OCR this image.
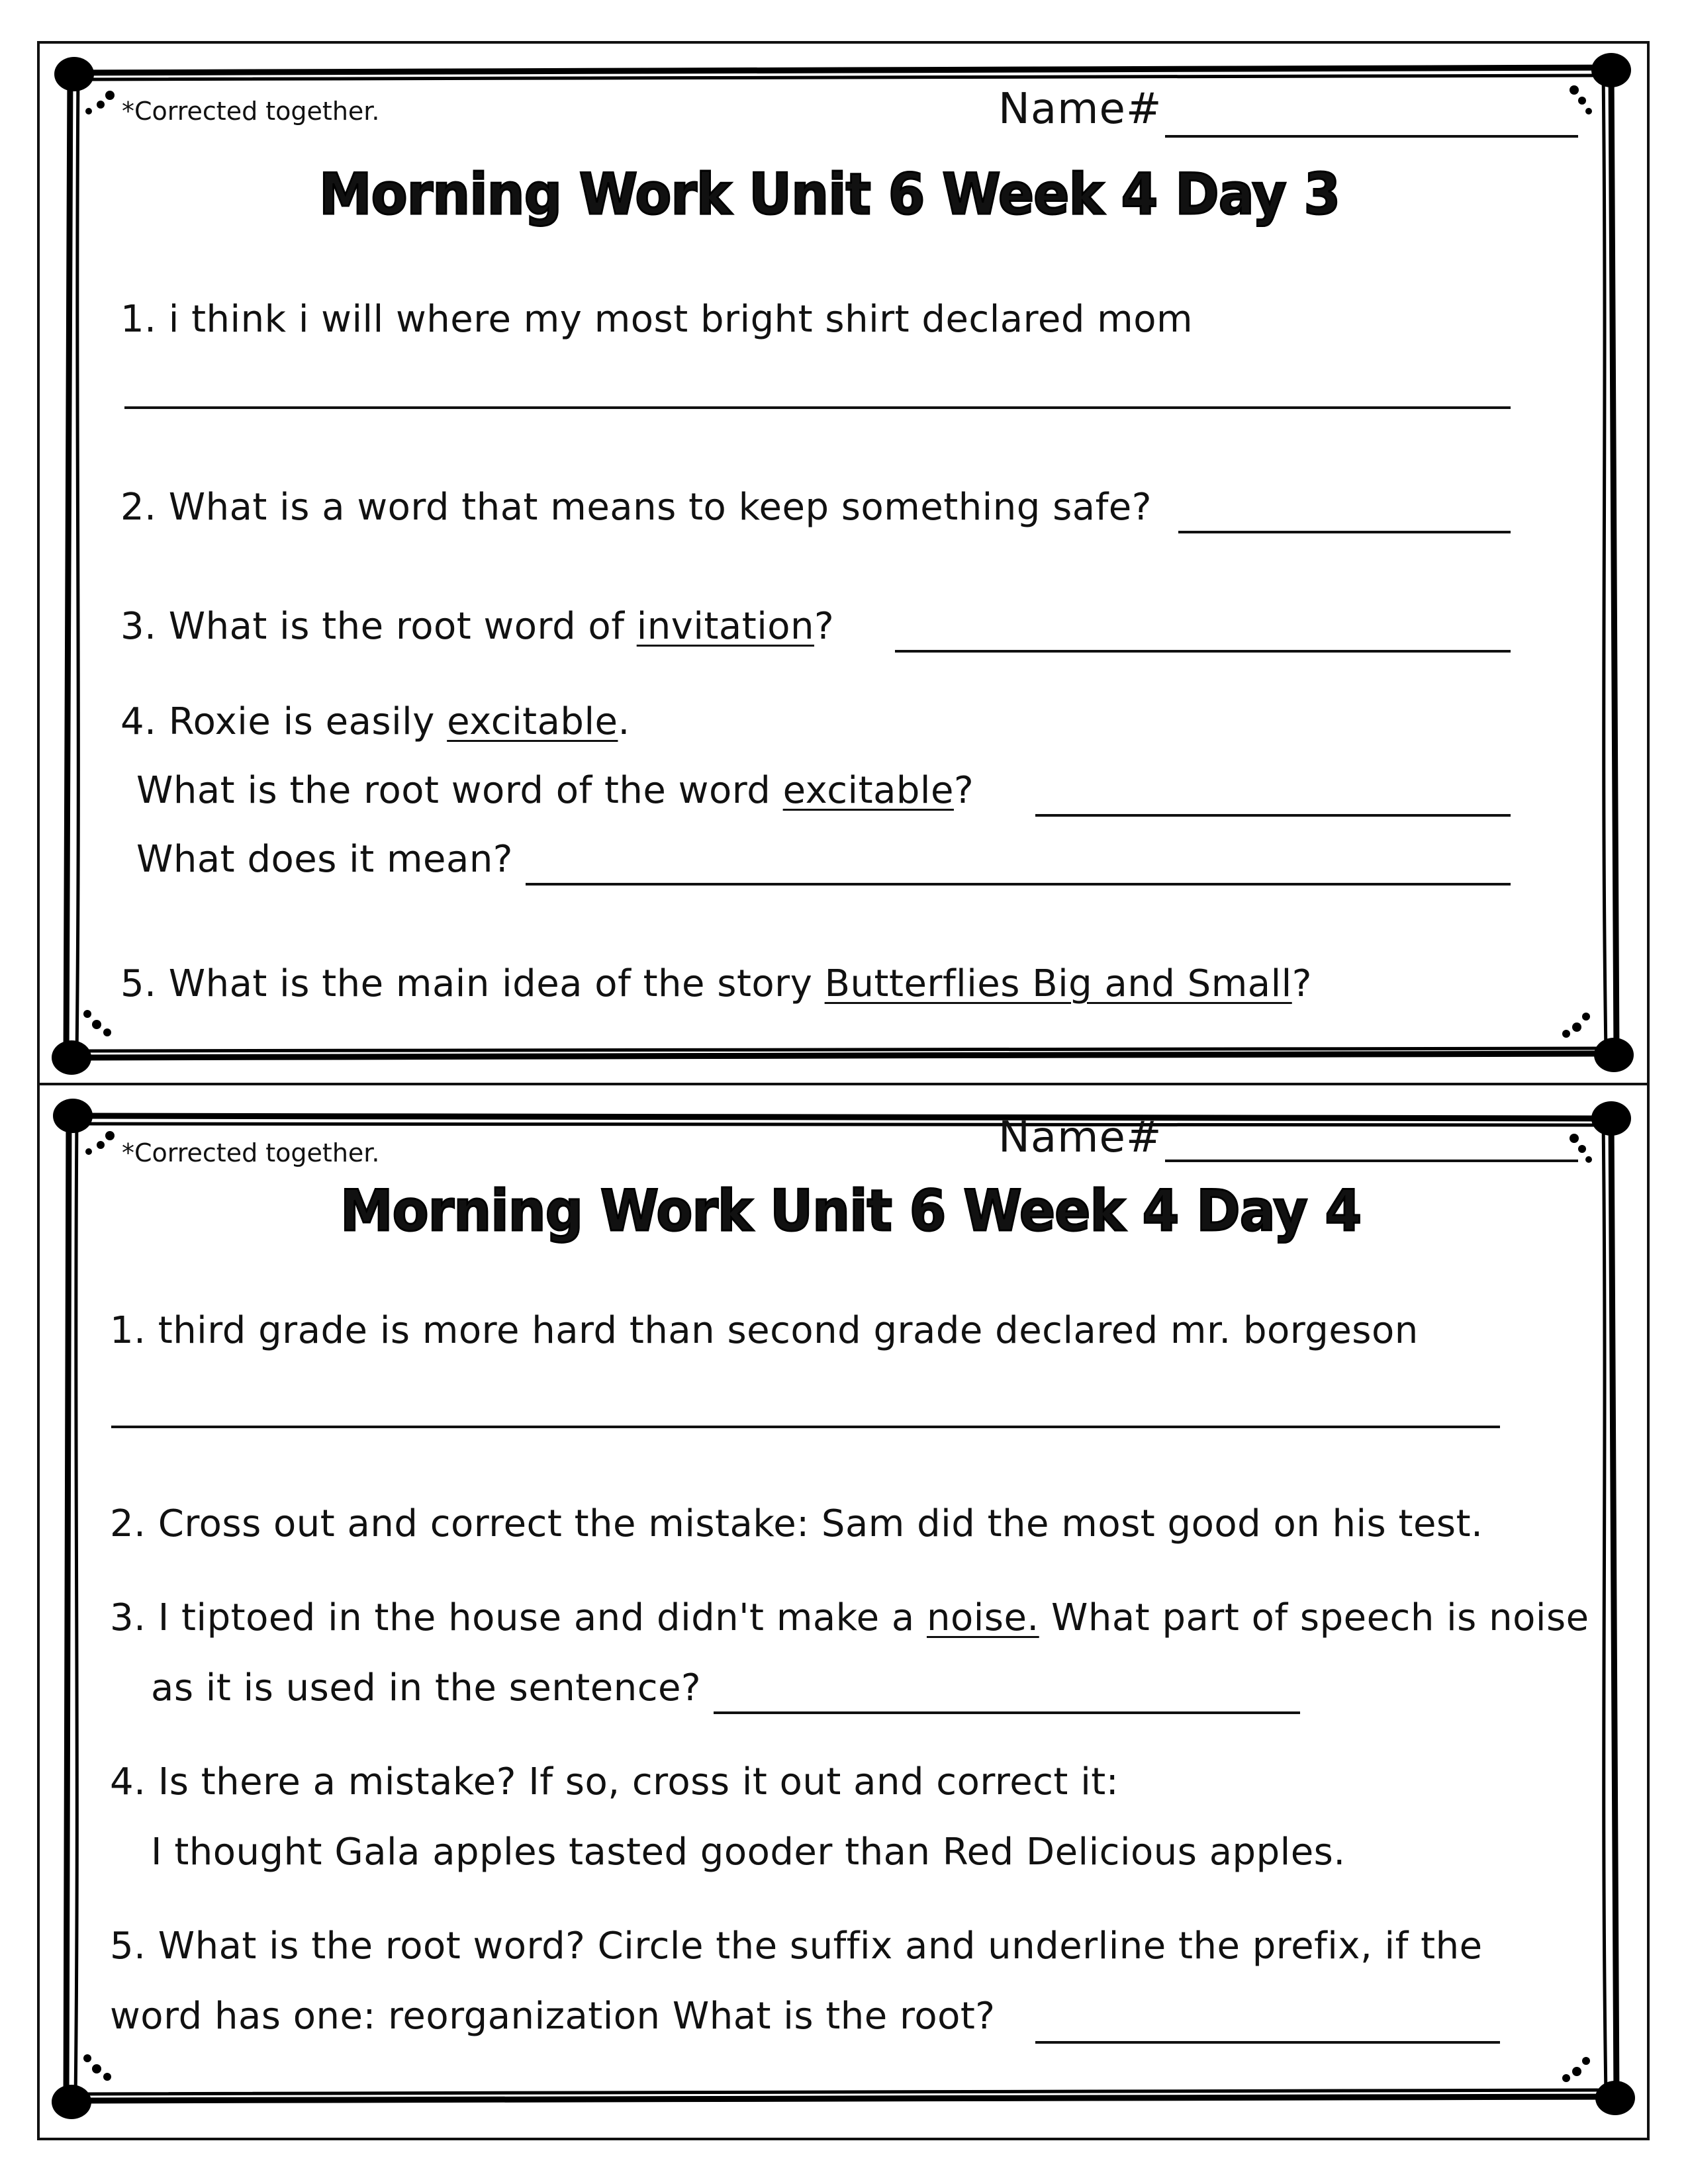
*Corrected together.	Name#
Morning Work Unit 6 Week 4 Day 3
1. i think i will where my most bright shirt declared mom
2. What is a word that means to keep something safe?
3. What is the root word of invitation?
4. Roxie is easily excitable.
What is the root word of the word excitable?
What does it mean?
5. What is the main idea of the story Butterflies Big and Small?
*Corrected together.	Name#
Morning Work Unit 6 Week 4 Day 4
1. third grade is more hard than second grade declared mr. borgeson
2. Cross out and correct the mistake: Sam did the most good on his test.
3. I tiptoed in the house and didn't make a noise. What part of speech is noise
as it is used in the sentence?
4. Is there a mistake? If so, cross it out and correct it:
I thought Gala apples tasted gooder than Red Delicious apples.
5. What is the root word? Circle the suffix and underline the prefix, if the
word has one: reorganization What is the root?
